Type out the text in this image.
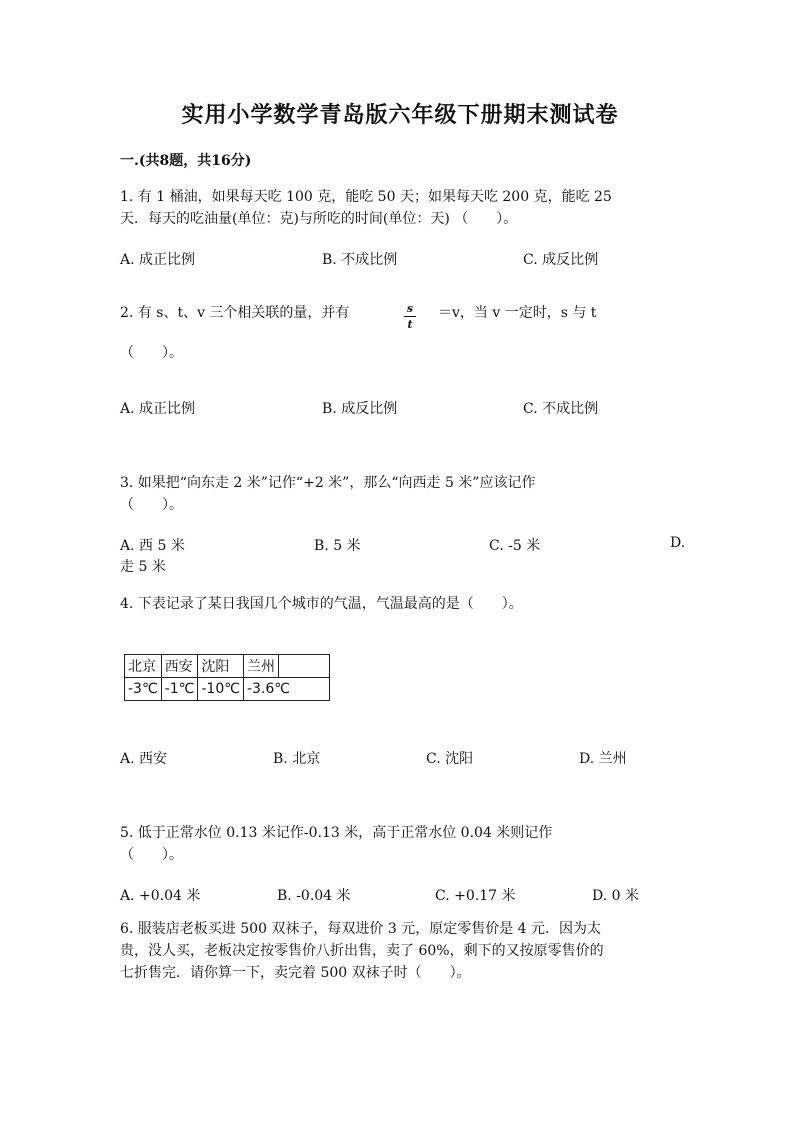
实用小学数学青岛版六年级下册期末测试卷
一.(共8题，共16分)
1. 有 1 桶油，如果每天吃 100 克，能吃 50 天；如果每天吃 200 克，能吃 25
天．每天的吃油量(单位：克)与所吃的时间(单位：天) （　　）。
A. 成正比例	B. 不成比例	C. 成反比例
2. 有 s、t、v 三个相关联的量，并有	s
t
＝v，当 v 一定时，s 与 t
（　　）。
A. 成正比例	B. 成反比例	C. 不成比例
3. 如果把“向东走 2 米”记作“+2 米”，那么“向西走 5 米”应该记作
（　　）。
A. 西 5 米	B. 5 米	C. -5 米	D.
走 5 米
4. 下表记录了某日我国几个城市的气温，气温最高的是（　　）。
北京	西安	沈阳	兰州	
-3℃	-1℃	-10℃	-3.6℃	
A. 西安	B. 北京	C. 沈阳	D. 兰州
5. 低于正常水位 0.13 米记作-0.13 米，高于正常水位 0.04 米则记作
（　　）。
A. +0.04 米	B. -0.04 米	C. +0.17 米	D. 0 米
6. 服装店老板买进 500 双袜子，每双进价 3 元，原定零售价是 4 元．因为太
贵，没人买，老板决定按零售价八折出售，卖了 60%，剩下的又按原零售价的
七折售完．请你算一下，卖完着 500 双袜子时（　　）。
